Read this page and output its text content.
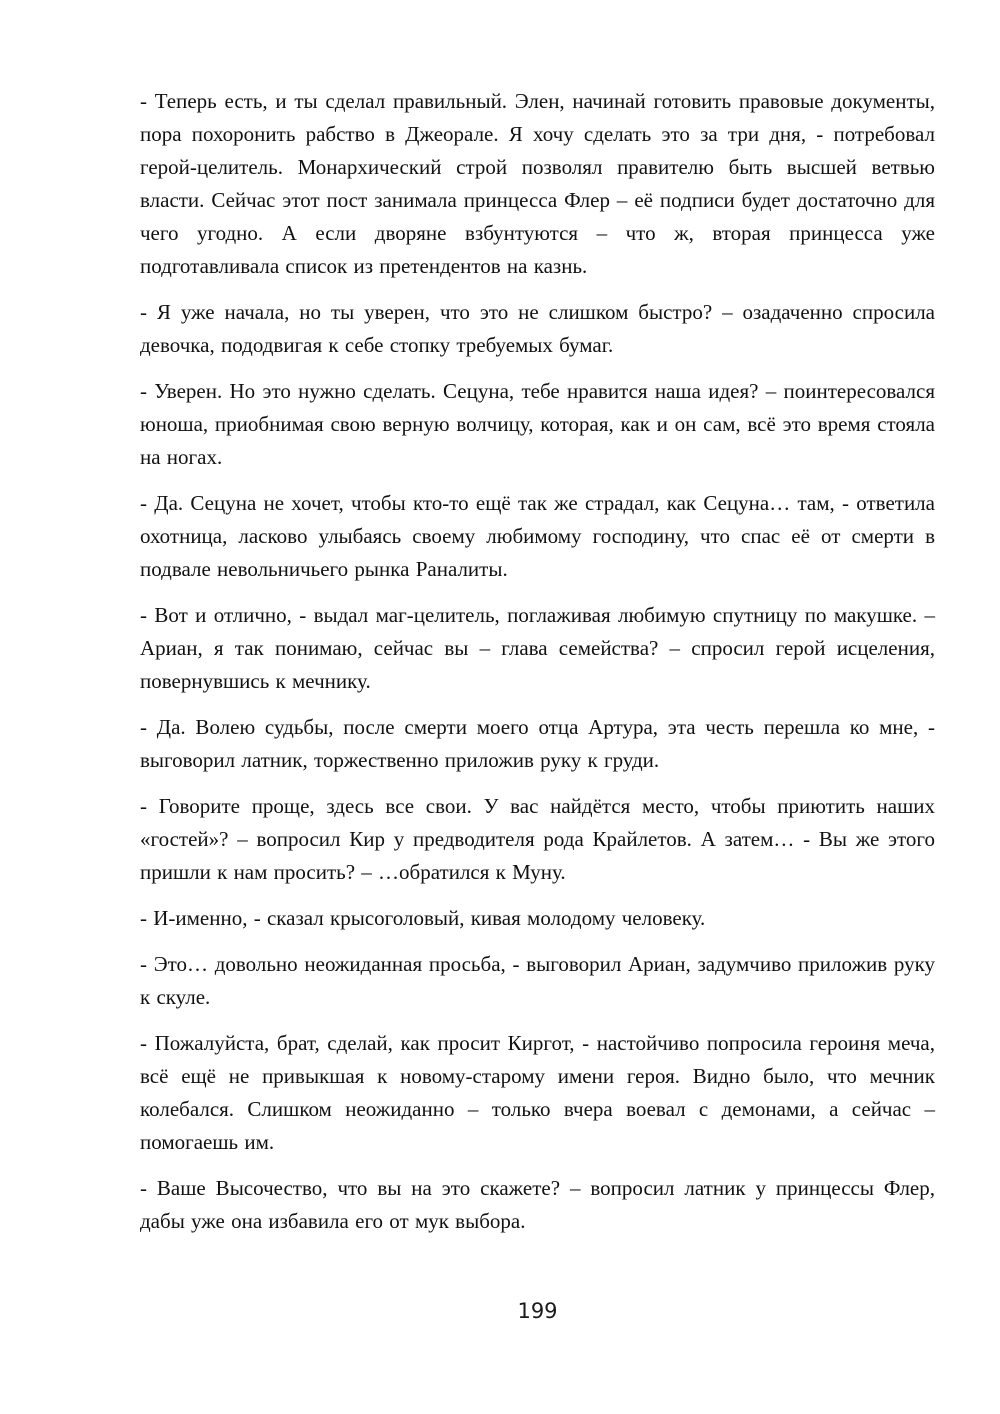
- Теперь есть, и ты сделал правильный. Элен, начинай готовить правовые документы, пора похоронить рабство в Джеорале. Я хочу сделать это за три дня, - потребовал герой-целитель. Монархический строй позволял правителю быть высшей ветвью власти. Сейчас этот пост занимала принцесса Флер – её подписи будет достаточно для чего угодно. А если дворяне взбунтуются – что ж, вторая принцесса уже подготавливала список из претендентов на казнь.

- Я уже начала, но ты уверен, что это не слишком быстро? – озадаченно спросила девочка, пододвигая к себе стопку требуемых бумаг.

- Уверен. Но это нужно сделать. Сецуна, тебе нравится наша идея? – поинтересовался юноша, приобнимая свою верную волчицу, которая, как и он сам, всё это время стояла на ногах.

- Да. Сецуна не хочет, чтобы кто-то ещё так же страдал, как Сецуна… там, - ответила охотница, ласково улыбаясь своему любимому господину, что спас её от смерти в подвале невольничьего рынка Раналиты.

- Вот и отлично, - выдал маг-целитель, поглаживая любимую спутницу по макушке. – Ариан, я так понимаю, сейчас вы – глава семейства? – спросил герой исцеления, повернувшись к мечнику.

- Да. Волею судьбы, после смерти моего отца Артура, эта честь перешла ко мне, - выговорил латник, торжественно приложив руку к груди.

- Говорите проще, здесь все свои. У вас найдётся место, чтобы приютить наших «гостей»? – вопросил Кир у предводителя рода Крайлетов. А затем… - Вы же этого пришли к нам просить? – …обратился к Муну.

- И-именно, - сказал крысоголовый, кивая молодому человеку.

- Это… довольно неожиданная просьба, - выговорил Ариан, задумчиво приложив руку к скуле.

- Пожалуйста, брат, сделай, как просит Киргот, - настойчиво попросила героиня меча, всё ещё не привыкшая к новому-старому имени героя. Видно было, что мечник колебался. Слишком неожиданно – только вчера воевал с демонами, а сейчас – помогаешь им.

- Ваше Высочество, что вы на это скажете? – вопросил латник у принцессы Флер, дабы уже она избавила его от мук выбора.

199
